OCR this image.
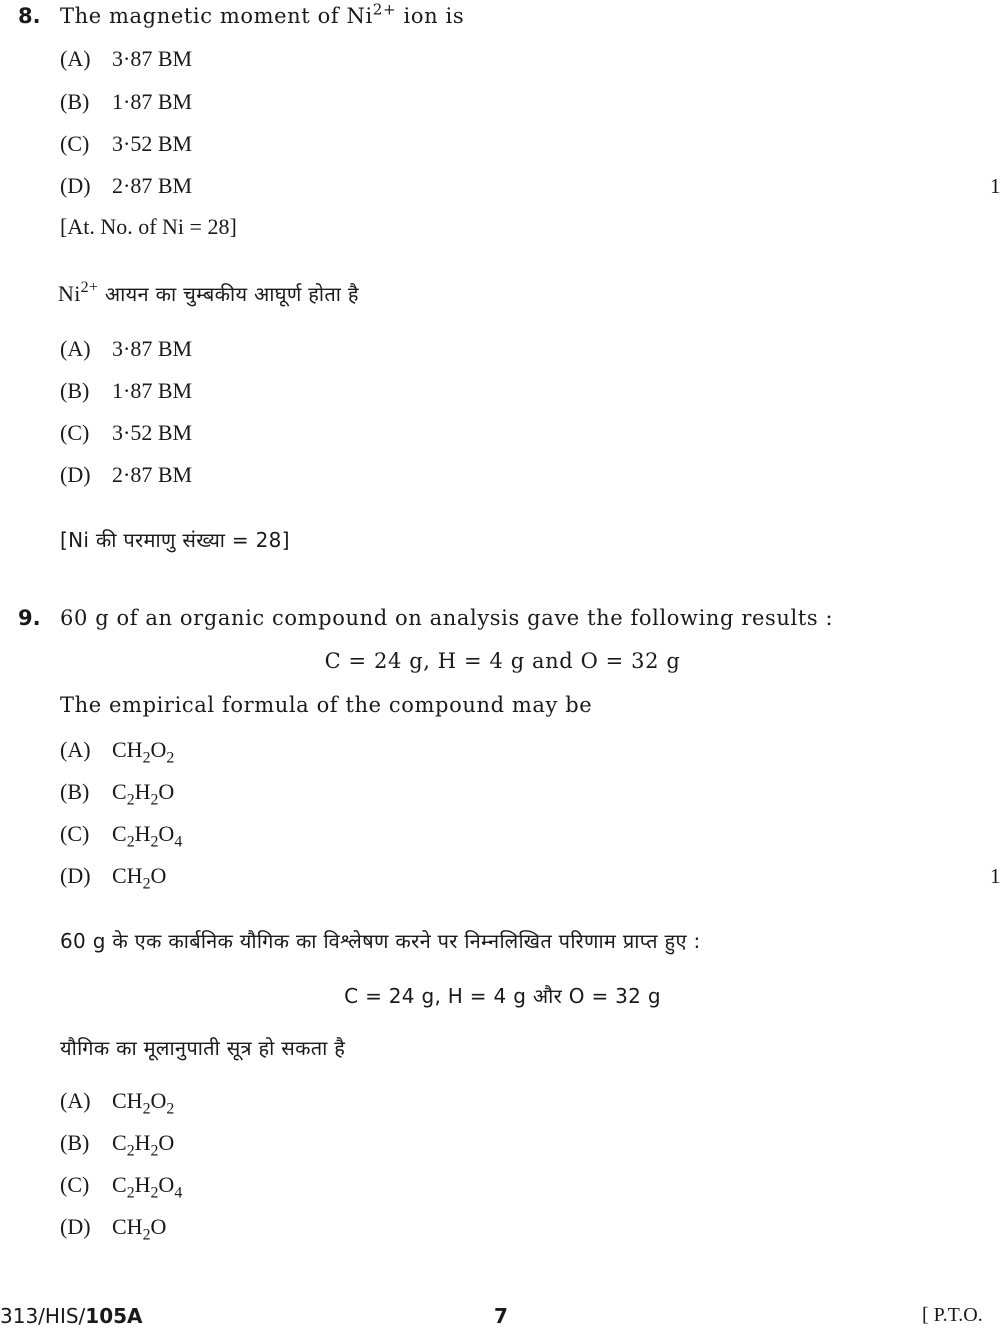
8. The magnetic moment of $Ni^{2+}$ ion is
(A) 3·87 BM
(B) 1·87 BM
(C) 3·52 BM
(D) 2·87 BM	1
[At. No. of Ni = 28]
$Ni^{2+}$ आयन का चुम्बकीय आघूर्ण होता है
(A) 3·87 BM
(B) 1·87 BM
(C) 3·52 BM
(D) 2·87 BM
[Ni की परमाणु संख्या = 28]
9. 60 g of an organic compound on analysis gave the following results :
C = 24 g, H = 4 g and O = 32 g
The empirical formula of the compound may be
(A) $CH_2O_2$
(B) $C_2H_2O$
(C) $C_2H_2O_4$
(D) $CH_2O$	1
60 g के एक कार्बनिक यौगिक का विश्लेषण करने पर निम्नलिखित परिणाम प्राप्त हुए :
C = 24 g, H = 4 g और O = 32 g
यौगिक का मूलानुपाती सूत्र हो सकता है
(A) $CH_2O_2$
(B) $C_2H_2O$
(C) $C_2H_2O_4$
(D) $CH_2O$
313/HIS/105A	7	[ P.T.O.
